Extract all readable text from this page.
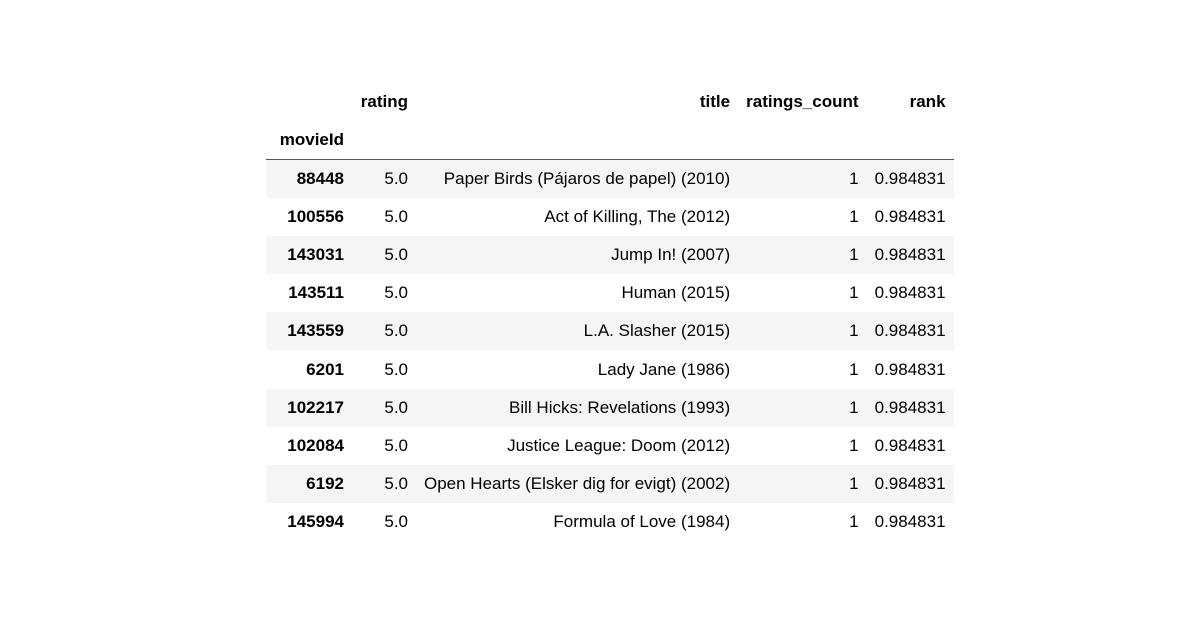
	rating	title	ratings_count	rank
movieId				
88448	5.0	Paper Birds (Pájaros de papel) (2010)	1	0.984831
100556	5.0	Act of Killing, The (2012)	1	0.984831
143031	5.0	Jump In! (2007)	1	0.984831
143511	5.0	Human (2015)	1	0.984831
143559	5.0	L.A. Slasher (2015)	1	0.984831
6201	5.0	Lady Jane (1986)	1	0.984831
102217	5.0	Bill Hicks: Revelations (1993)	1	0.984831
102084	5.0	Justice League: Doom (2012)	1	0.984831
6192	5.0	Open Hearts (Elsker dig for evigt) (2002)	1	0.984831
145994	5.0	Formula of Love (1984)	1	0.984831
